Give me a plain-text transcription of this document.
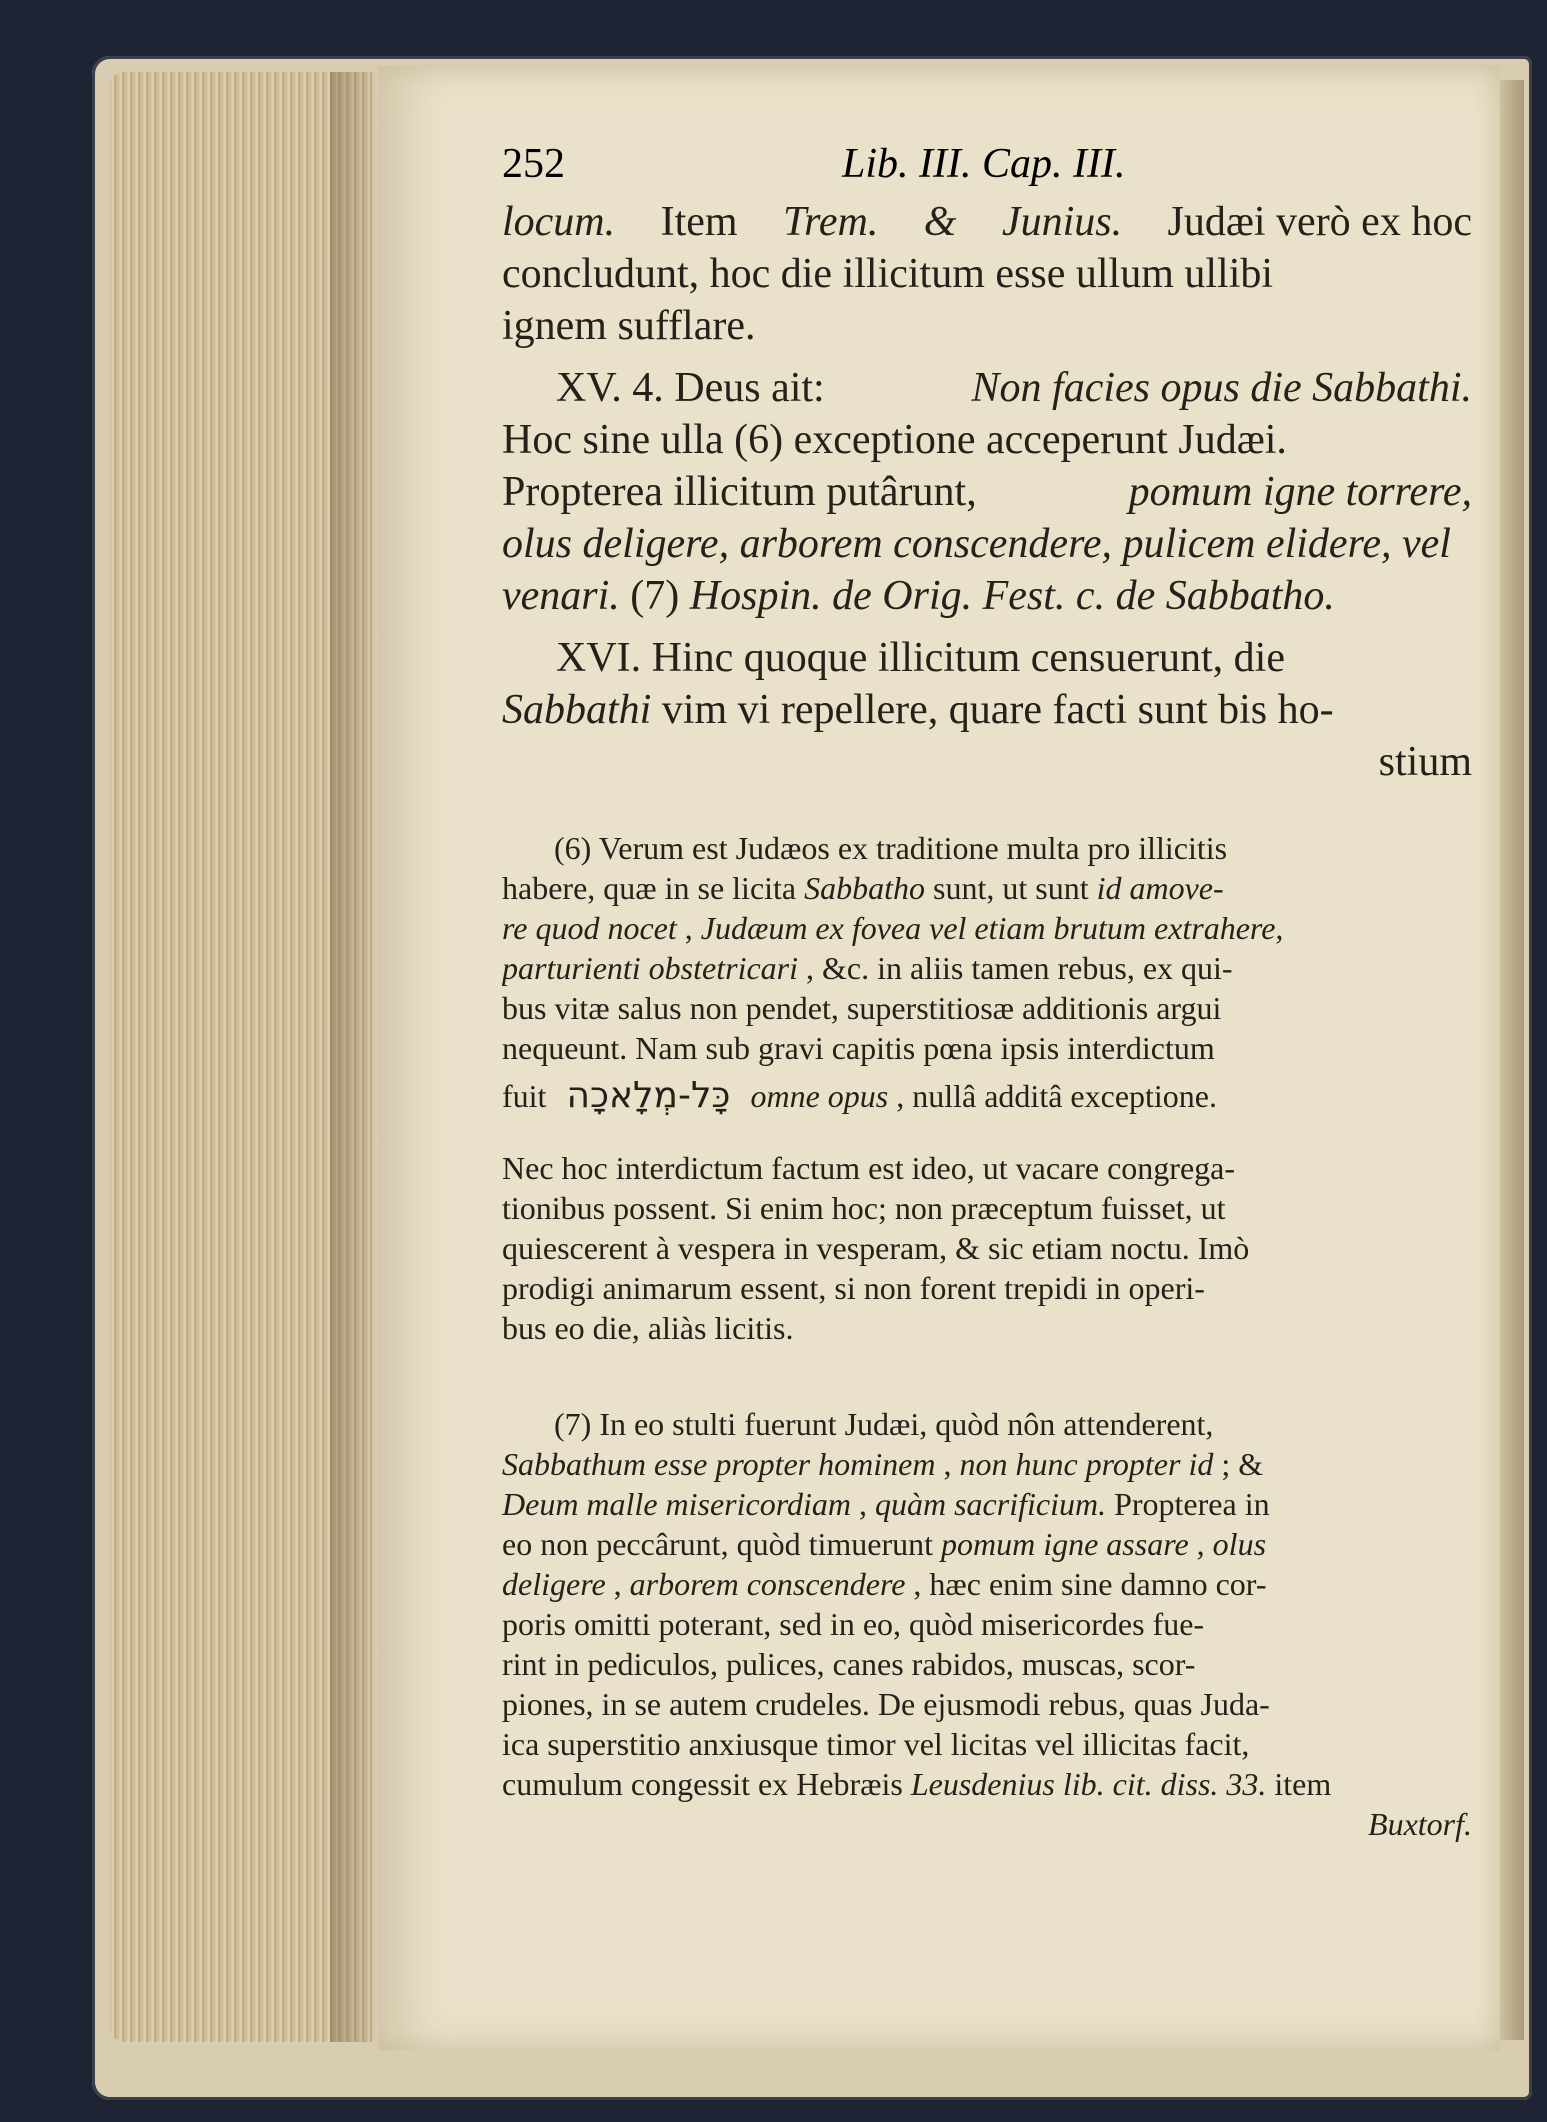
252	Lib. III. Cap. III.
locum. Item Trem. & Junius. Judæi verò ex hoc
concludunt, hoc die illicitum esse ullum ullibi
ignem sufflare.
XV. 4. Deus ait:	Non facies opus die Sabbathi.
Hoc sine ulla (6) exceptione acceperunt Judæi.
Propterea illicitum putârunt,	pomum igne torrere,
olus deligere, arborem conscendere, pulicem elidere, vel
venari. (7) Hospin. de Orig. Fest. c. de Sabbatho.
XVI. Hinc quoque illicitum censuerunt, die
Sabbathi vim vi repellere, quare facti sunt bis ho-
stium
(6) Verum est Judæos ex traditione multa pro illicitis
habere, quæ in se licita Sabbatho sunt, ut sunt id amove-
re quod nocet , Judæum ex fovea vel etiam brutum extrahere,
parturienti obstetricari , &c. in aliis tamen rebus, ex qui-
bus vitæ salus non pendet, superstitiosæ additionis argui
nequeunt. Nam sub gravi capitis pœna ipsis interdictum
fuit כָּל-מְלָאכָה omne opus , nullâ additâ exceptione.
Nec hoc interdictum factum est ideo, ut vacare congrega-
tionibus possent. Si enim hoc; non præceptum fuisset, ut
quiescerent à vespera in vesperam, & sic etiam noctu. Imò
prodigi animarum essent, si non forent trepidi in operi-
bus eo die, aliàs licitis.
(7) In eo stulti fuerunt Judæi, quòd nôn attenderent,
Sabbathum esse propter hominem , non hunc propter id ; &
Deum malle misericordiam , quàm sacrificium. Propterea in
eo non peccârunt, quòd timuerunt pomum igne assare , olus
deligere , arborem conscendere , hæc enim sine damno cor-
poris omitti poterant, sed in eo, quòd misericordes fue-
rint in pediculos, pulices, canes rabidos, muscas, scor-
piones, in se autem crudeles. De ejusmodi rebus, quas Juda-
ica superstitio anxiusque timor vel licitas vel illicitas facit,
cumulum congessit ex Hebræis Leusdenius lib. cit. diss. 33. item
Buxtorf.
